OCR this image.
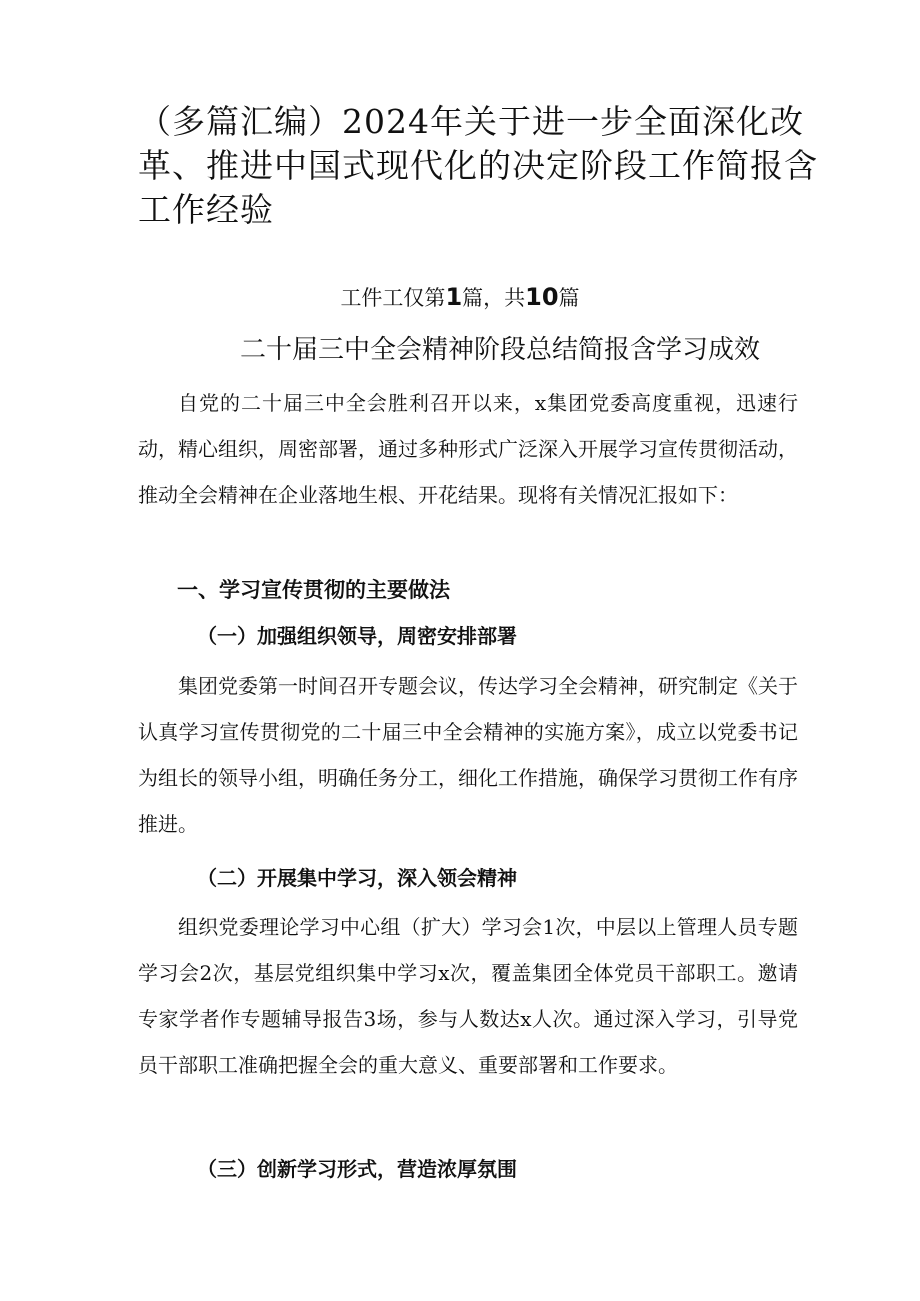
（多篇汇编）2024年关于进一步全面深化改革、推进中国式现代化的决定阶段工作简报含工作经验
工件工仅第1篇，共10篇
二十届三中全会精神阶段总结简报含学习成效

自党的二十届三中全会胜利召开以来，x集团党委高度重视，迅速行动，精心组织，周密部署，通过多种形式广泛深入开展学习宣传贯彻活动，推动全会精神在企业落地生根、开花结果。现将有关情况汇报如下：

一、学习宣传贯彻的主要做法
（一）加强组织领导，周密安排部署

集团党委第一时间召开专题会议，传达学习全会精神，研究制定《关于认真学习宣传贯彻党的二十届三中全会精神的实施方案》，成立以党委书记为组长的领导小组，明确任务分工，细化工作措施，确保学习贯彻工作有序推进。

（二）开展集中学习，深入领会精神

组织党委理论学习中心组（扩大）学习会1次，中层以上管理人员专题学习会2次，基层党组织集中学习x次，覆盖集团全体党员干部职工。邀请专家学者作专题辅导报告3场，参与人数达x人次。通过深入学习，引导党员干部职工准确把握全会的重大意义、重要部署和工作要求。

（三）创新学习形式，营造浓厚氛围
